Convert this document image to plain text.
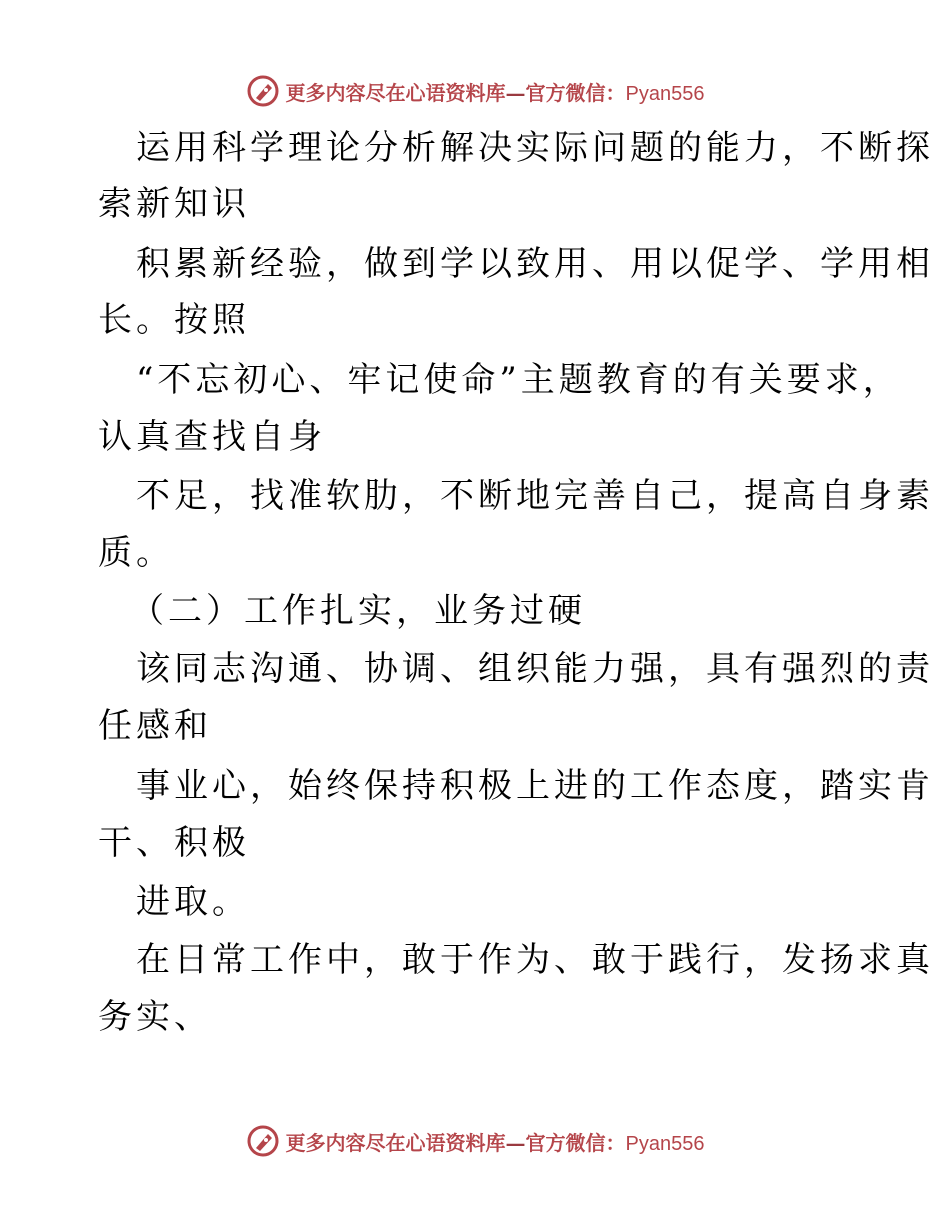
更多内容尽在心语资料库—官方微信：Pyan556
运用科学理论分析解决实际问题的能力，不断探
索新知识
积累新经验，做到学以致用、用以促学、学用相
长。按照
“不忘初心、牢记使命”主题教育的有关要求，
认真查找自身
不足，找准软肋，不断地完善自己，提高自身素
质。
（二）工作扎实，业务过硬
该同志沟通、协调、组织能力强，具有强烈的责
任感和
事业心，始终保持积极上进的工作态度，踏实肯
干、积极
进取。
在日常工作中，敢于作为、敢于践行，发扬求真
务实、
更多内容尽在心语资料库—官方微信：Pyan556
